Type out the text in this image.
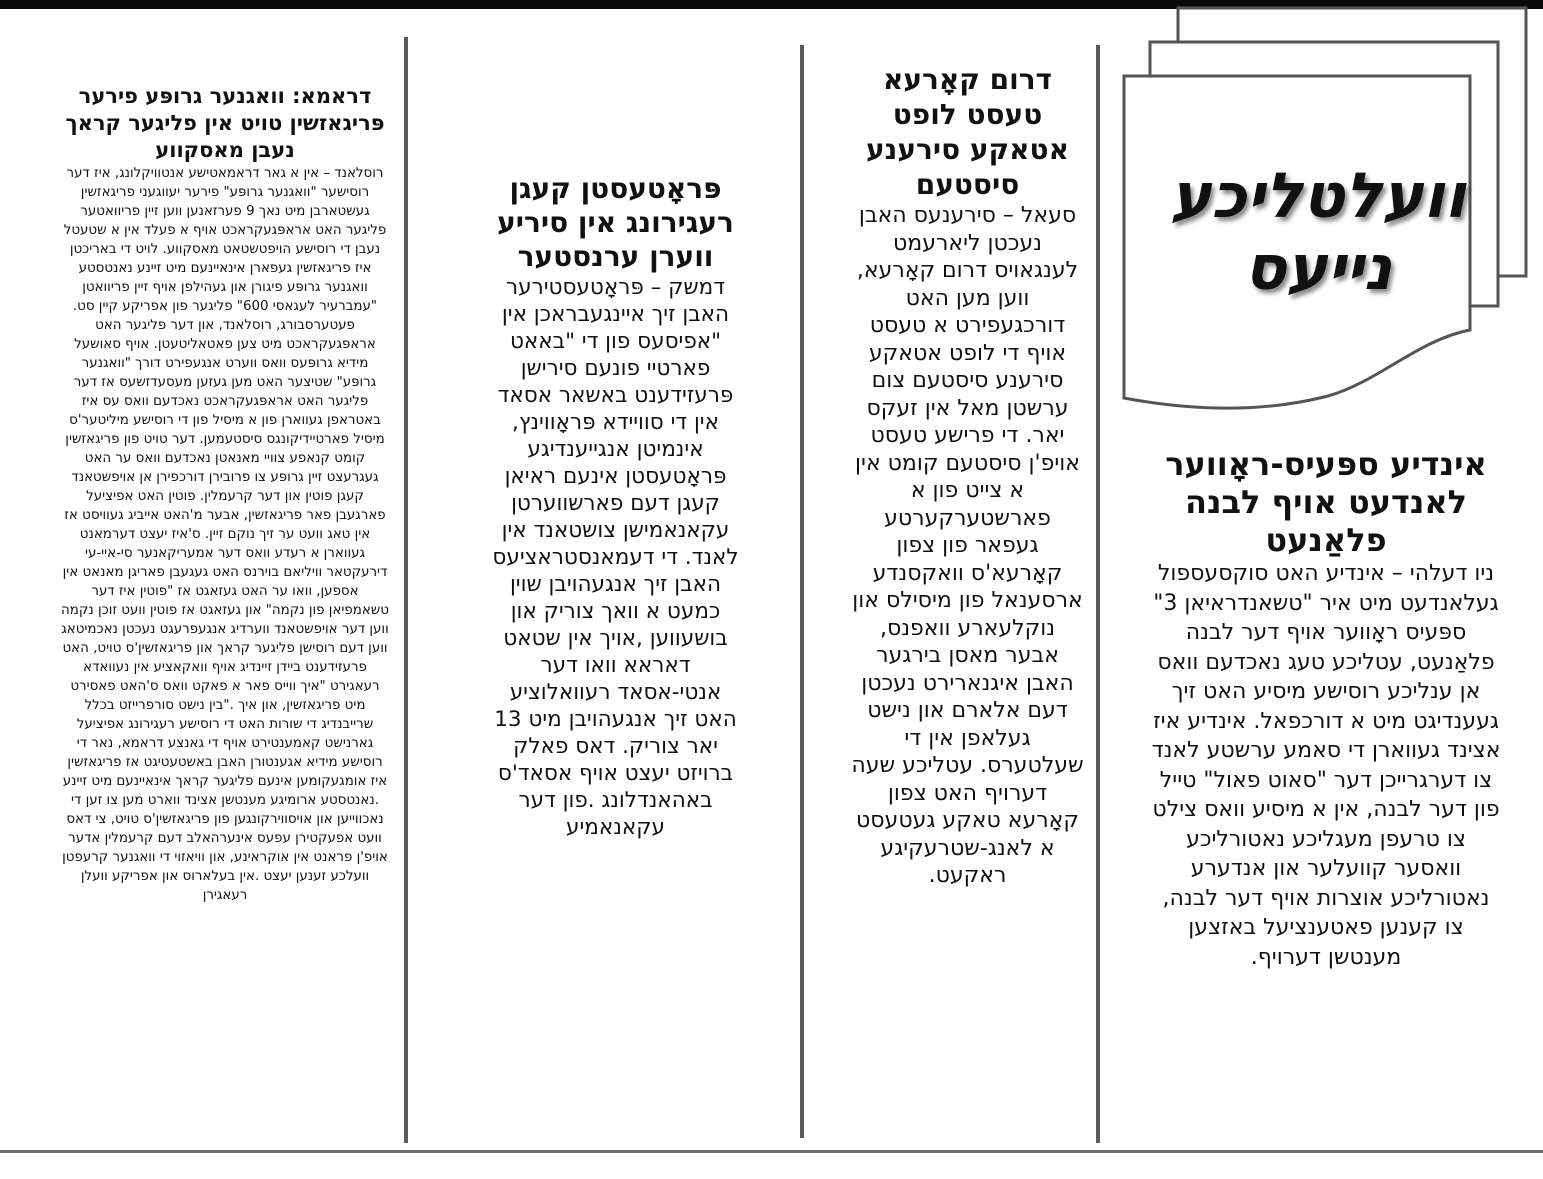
וועלטליכע נייעס
אינדיע ספּעיס-ראָווער לאנדעט אויף לבנה פלאַנעט

ניו דעלהי – אינדיע האט סוקסעספול געלאנדעט מיט איר "טשאנדראיאן 3" ספּעיס ראָווער אויף דער לבנה פלאַנעט, עטליכע טעג נאכדעם וואס אן ענליכע רוסישע מיסיע האט זיך געענדיגט מיט א דורכפאל. אינדיע איז אצינד געווארן די סאמע ערשטע לאנד צו דערגרייכן דער "סאוט פאול" טייל פון דער לבנה, אין א מיסיע וואס צילט צו טרעפן מעגליכע נאטורליכע וואסער קוועלער און אנדערע נאטורליכע אוצרות אויף דער לבנה, צו קענען פאטענציעל באזצען מענטשן דערויף.

דרום קאָרעא טעסט לופט אטאקע סירענע סיסטעם

סעאל – סירענעס האבן נעכטן ליארעמט לענגאויס דרום קאָרעא, ווען מען האט דורכגעפירט א טעסט אויף די לופט אטאקע סירענע סיסטעם צום ערשטן מאל אין זעקס יאר. די פרישע טעסט אויפ'ן סיסטעם קומט אין א צייט פון א פארשטערקערטע געפאר פון צפון קאָרעא'ס וואקסנדע ארסענאל פון מיסילס און נוקלעארע וואפנס, אבער מאסן בירגער האבן איגנארירט נעכטן דעם אלארם און נישט געלאפן אין די שעלטערס. עטליכע שעה דערויף האט צפון קאָרעא טאקע געטעסט א לאנג-שטרעקיגע ראקעט.

פּראָטעסטן קעגן רעגירונג אין סיריע ווערן ערנסטער

דמשק – פּראָטעסטירער האבן זיך איינגעבראכן אין "אפיסעס פון די "באאט פארטיי פונעם סירישן פּרעזידענט באשאר אסאד אין די סוויידא פּראָווינץ, אינמיטן אנגייענדיגע פּראָטעסטן אינעם ראיאן קעגן דעם פארשווערטן עקאנאמישן צושטאנד אין לאנד. די דעמאנסטראציעס האבן זיך אנגעהויבן שוין כמעט א וואך צוריק און בושעווען ,אויך אין שטאט דאראא וואו דער אנטי-אסאד רעוואלוציע האט זיך אנגעהויבן מיט 13 יאר צוריק. דאס פאלק ברויזט יעצט אויף אסאד'ס באהאנדלונג .פון דער עקאנאמיע

דראמא: וואגנער גרופּע פירער פּריגאזשין טויט אין פליגער קראך נעבן מאסקווע

רוסלאנד – אין א גאר דראמאטישע אנטוויקלונג, איז דער רוסישער "וואגנער גרופּע" פירער יעווגעני פריגאזשין געשטארבן מיט נאך 9 פערזאנען ווען זיין פריוואטער פליגער האט אראפּגעקראכט אויף א פעלד אין א שטעטל נעבן די רוסישע הויפטשטאט מאסקווע. לויט די באריכטן איז פריגאזשין געפארן אינאיינעם מיט זיינע נאנטסטע וואגנער גרופּע פיגורן און געהילפן אויף זיין פריוואטן "עמברעיר לעגאסי 600" פליגער פון אפריקע קיין סט. פעטערסבורג, רוסלאנד, און דער פליגער האט אראפּגעקראכט מיט צען פאטאליטעטן. אויף סאושעל מידיא גרופּעס וואס ווערט אנגעפירט דורך "וואגנער גרופּע" שטיצער האט מען געזען מעסעדזשעס אז דער פליגער האט אראפּגעקראכט נאכדעם וואס עס איז באטראפן געווארן פון א מיסיל פון די רוסישע מיליטער'ס מיסיל פארטיידיקונגס סיסטעמען. דער טויט פון פריגאזשין קומט קנאפע צוויי מאנאטן נאכדעם וואס ער האט געגרעצט זיין גרופּע צו פרובירן דורכפירן אן אויפשטאנד קעגן פוטין און דער קרעמלין. פוטין האט אפיציעל פארגעבן פאר פריגאזשין, אבער מ'האט אייביג געוויסט אז אין טאג וועט ער זיך נוקם זיין. ס'איז יעצט דערמאנט געווארן א רעדע וואס דער אמעריקאנער סי-איי-עי דירעקטאר וויליאם בוירנס האט געגעבן פאריגן מאנאט אין אספען, וואו ער האט געזאגט אז "פוטין איז דער טשאמפיאן פון נקמה" און געזאגט אז פוטין וועט זוכן נקמה ווען דער אויפשטאנד ווערדיג אנגעפרעגט נעכטן נאכמיטאג ווען דעם רוסישן פליגער קראך און פריגאזשין'ס טויט, האט פרעזידענט ביידן זיינדיג אויף וואקאציע אין נעוואדא רעאגירט "איך ווייס פאר א פאקט וואס ס'האט פאסירט מיט פריגאזשין, און איך ."בין נישט סורפרייזט בכלל שרייבנדיג די שורות האט די רוסישע רעגירונג אפיציעל גארנישט קאמענטירט אויף די גאנצע דראמא, נאר די רוסישע מידיא אגענטורן האבן באשטעטיגט אז פריגאזשין איז אומגעקומען אינעם פליגער קראך אינאיינעם מיט זיינע .נאנטסטע ארומיגע מענטשן אצינד ווארט מען צו זען די נאכווייען און אויסווירקונגען פון פריגאזשין'ס טויט, צי דאס וועט אפעקטירן עפעס אינערהאלב דעם קרעמלין אדער אויפ'ן פראנט אין אוקראינע, און וויאזוי די וואגנער קרעפטן וועלכע זענען יעצט .אין בעלארוס און אפריקע וועלן רעאגירן
